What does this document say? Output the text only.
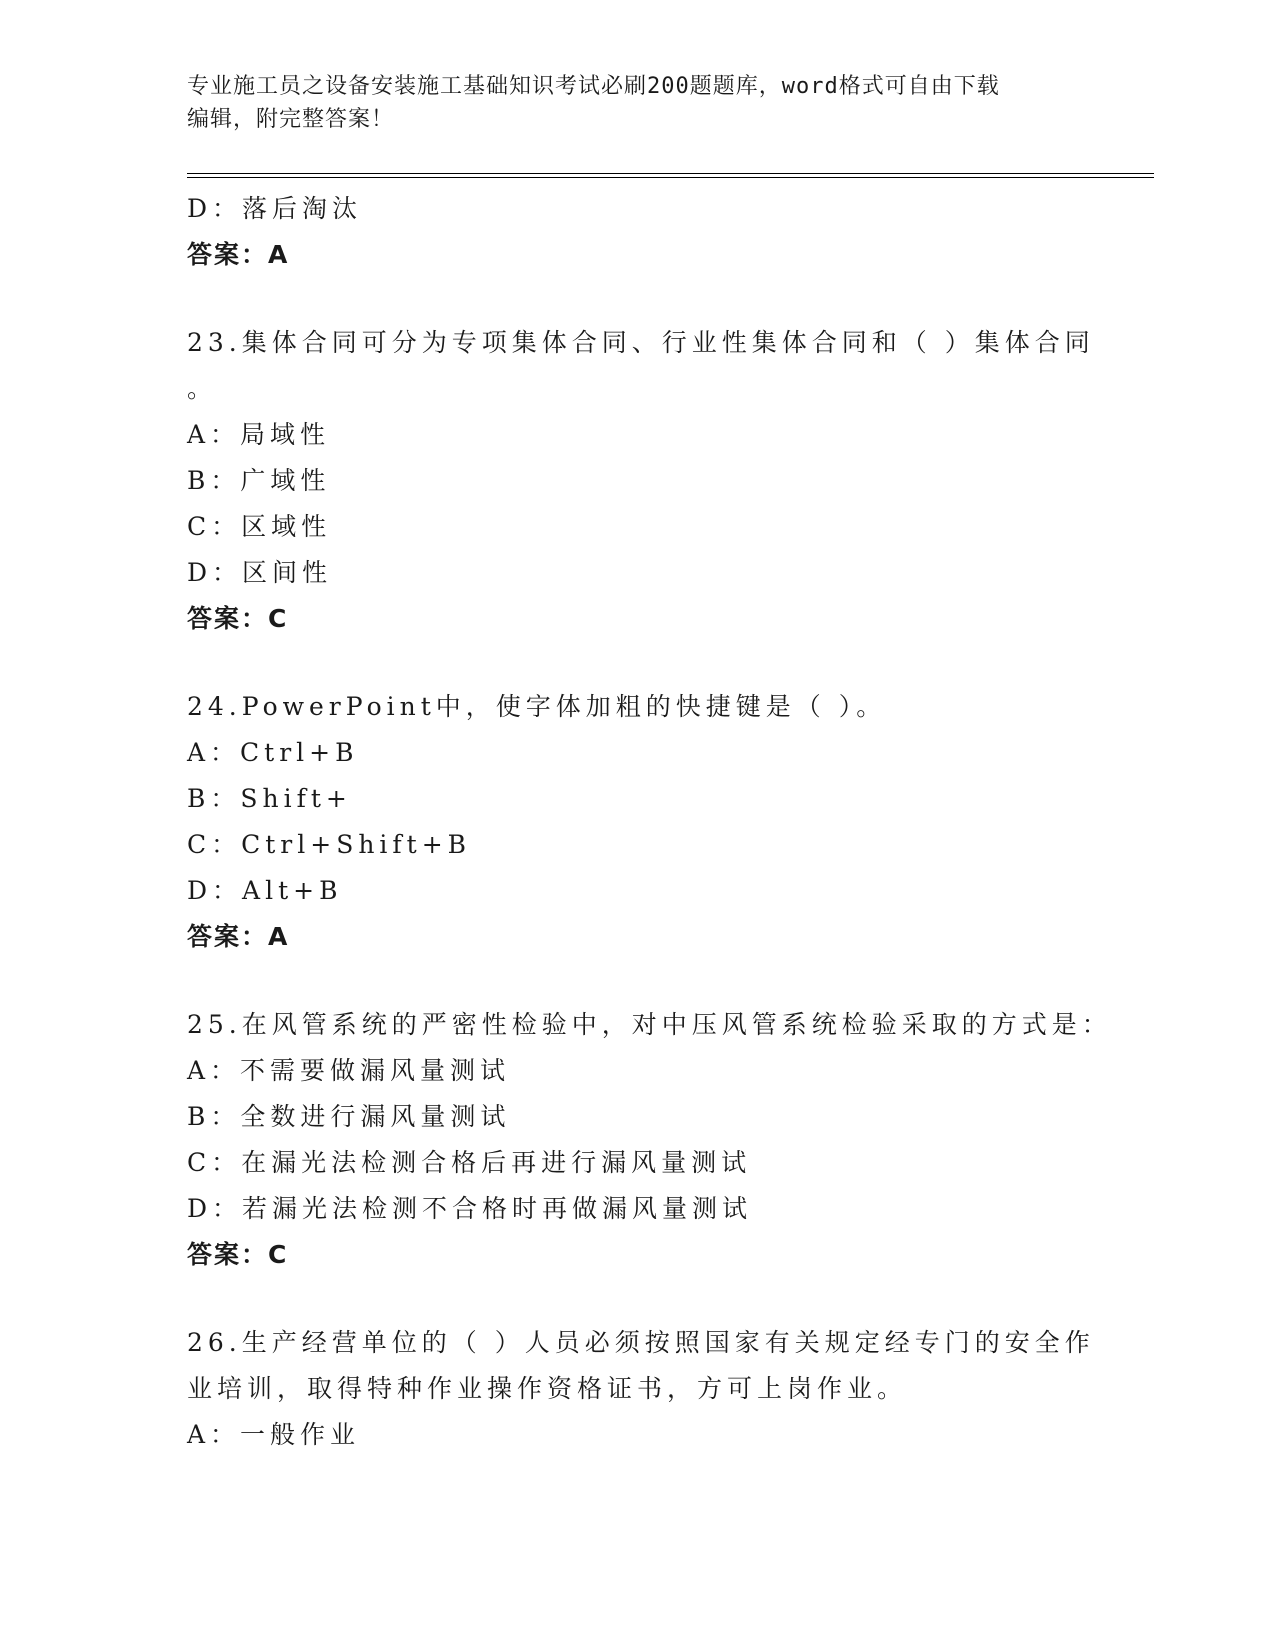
专业施工员之设备安装施工基础知识考试必刷200题题库，word格式可自由下载
编辑，附完整答案！
D：落后淘汰
答案：A
23.集体合同可分为专项集体合同、行业性集体合同和（ ）集体合同
。
A：局域性
B：广域性
C：区域性
D：区间性
答案：C
24.PowerPoint中，使字体加粗的快捷键是（ ）。
A：Ctrl+B
B：Shift+
C：Ctrl+Shift+B
D：Alt+B
答案：A
25.在风管系统的严密性检验中，对中压风管系统检验采取的方式是：
A：不需要做漏风量测试
B：全数进行漏风量测试
C：在漏光法检测合格后再进行漏风量测试
D：若漏光法检测不合格时再做漏风量测试
答案：C
26.生产经营单位的（ ）人员必须按照国家有关规定经专门的安全作
业培训，取得特种作业操作资格证书，方可上岗作业。
A：一般作业
